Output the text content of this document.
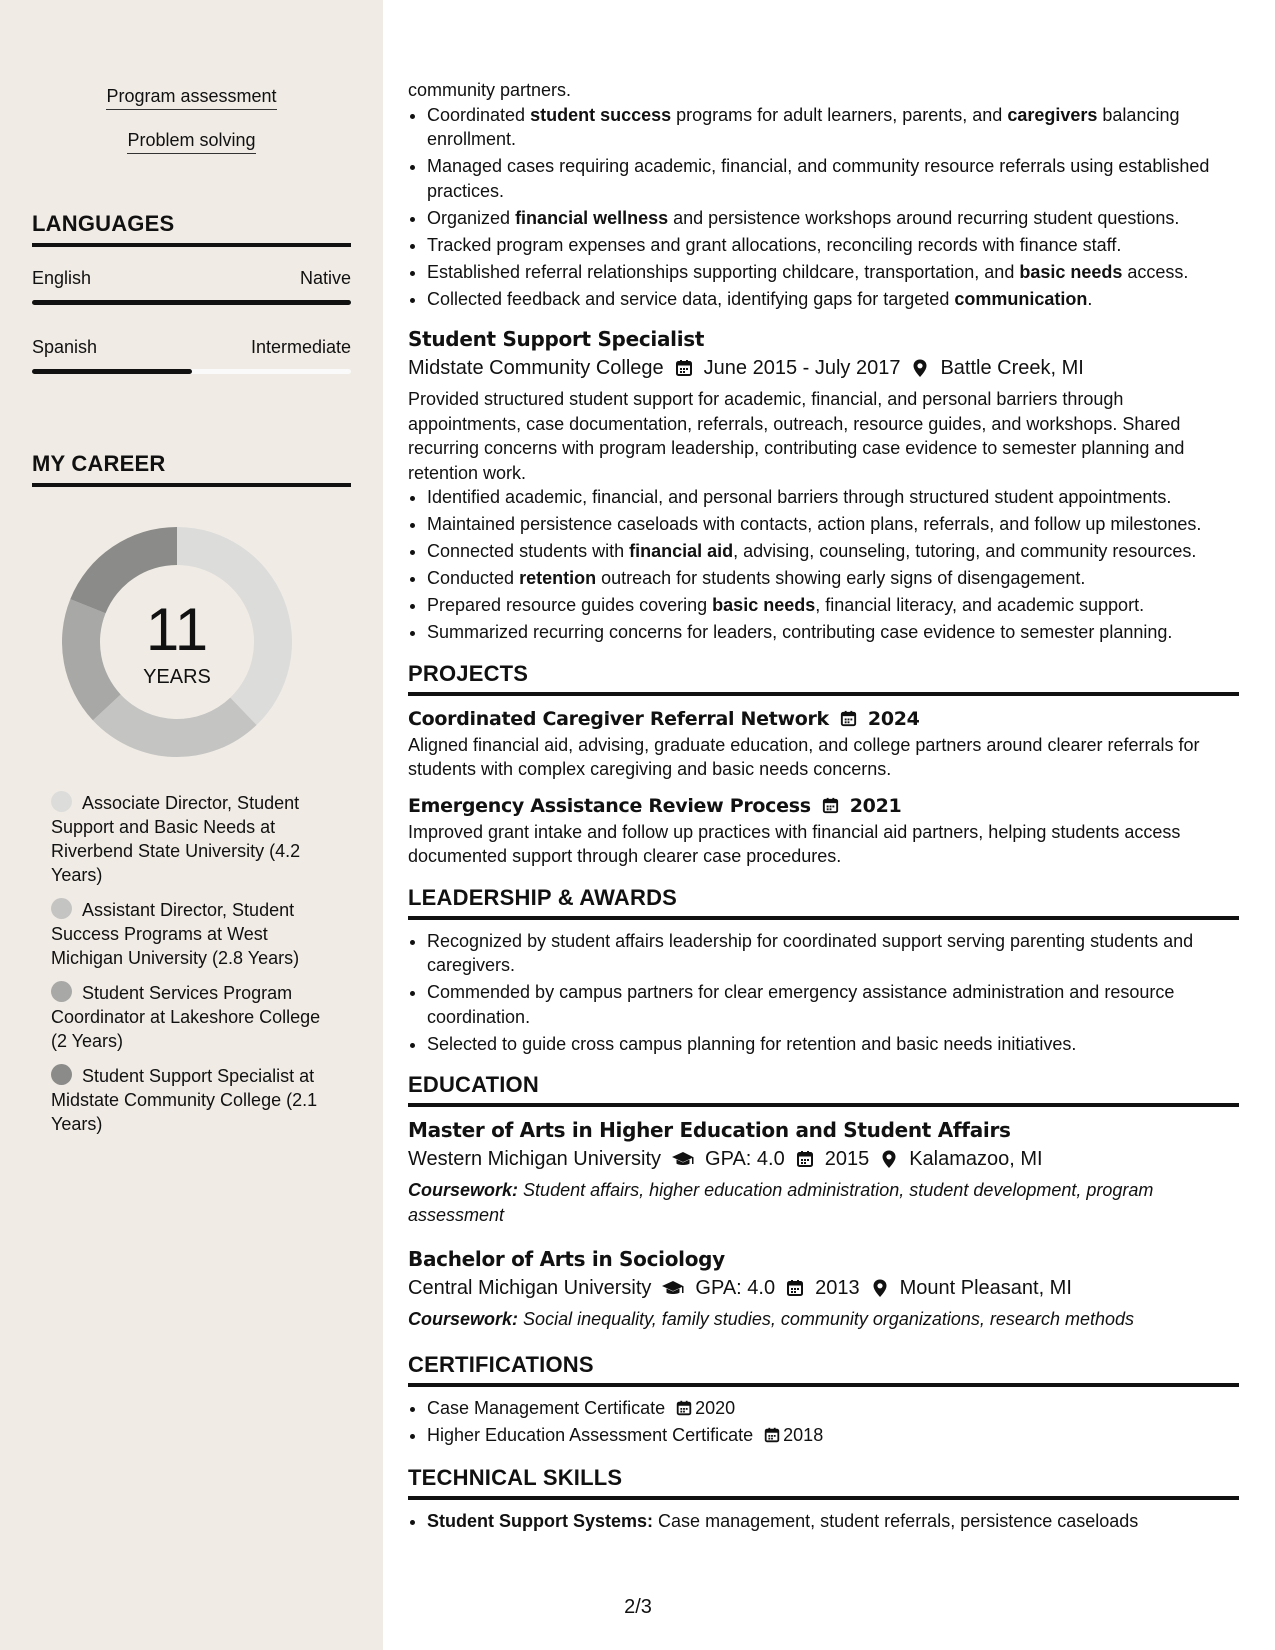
Program assessment
Problem solving
LANGUAGES
English	Native
Spanish	Intermediate
MY CAREER
11
YEARS
Associate Director, Student Support and Basic Needs at Riverbend State University (4.2 Years)
Assistant Director, Student Success Programs at West Michigan University (2.8 Years)
Student Services Program Coordinator at Lakeshore College (2 Years)
Student Support Specialist at Midstate Community College (2.1 Years)

community partners.

• Coordinated student success programs for adult learners, parents, and caregivers balancing enrollment.
• Managed cases requiring academic, financial, and community resource referrals using established practices.
• Organized financial wellness and persistence workshops around recurring student questions.
• Tracked program expenses and grant allocations, reconciling records with finance staff.
• Established referral relationships supporting childcare, transportation, and basic needs access.
• Collected feedback and service data, identifying gaps for targeted communication.
Student Support Specialist
Midstate Community College June 2015 - July 2017 Battle Creek, MI

Provided structured student support for academic, financial, and personal barriers through appointments, case documentation, referrals, outreach, resource guides, and workshops. Shared recurring concerns with program leadership, contributing case evidence to semester planning and retention work.

• Identified academic, financial, and personal barriers through structured student appointments.
• Maintained persistence caseloads with contacts, action plans, referrals, and follow up milestones.
• Connected students with financial aid, advising, counseling, tutoring, and community resources.
• Conducted retention outreach for students showing early signs of disengagement.
• Prepared resource guides covering basic needs, financial literacy, and academic support.
• Summarized recurring concerns for leaders, contributing case evidence to semester planning.
PROJECTS
Coordinated Caregiver Referral Network 2024

Aligned financial aid, advising, graduate education, and college partners around clearer referrals for students with complex caregiving and basic needs concerns.

Emergency Assistance Review Process 2021

Improved grant intake and follow up practices with financial aid partners, helping students access documented support through clearer case procedures.

LEADERSHIP & AWARDS
• Recognized by student affairs leadership for coordinated support serving parenting students and caregivers.
• Commended by campus partners for clear emergency assistance administration and resource coordination.
• Selected to guide cross campus planning for retention and basic needs initiatives.
EDUCATION
Master of Arts in Higher Education and Student Affairs
Western Michigan University GPA: 4.0 2015 Kalamazoo, MI

Coursework: Student affairs, higher education administration, student development, program assessment

Bachelor of Arts in Sociology
Central Michigan University GPA: 4.0 2013 Mount Pleasant, MI

Coursework: Social inequality, family studies, community organizations, research methods

CERTIFICATIONS
• Case Management Certificate 2020
• Higher Education Assessment Certificate 2018
TECHNICAL SKILLS
• Student Support Systems: Case management, student referrals, persistence caseloads
2/3
